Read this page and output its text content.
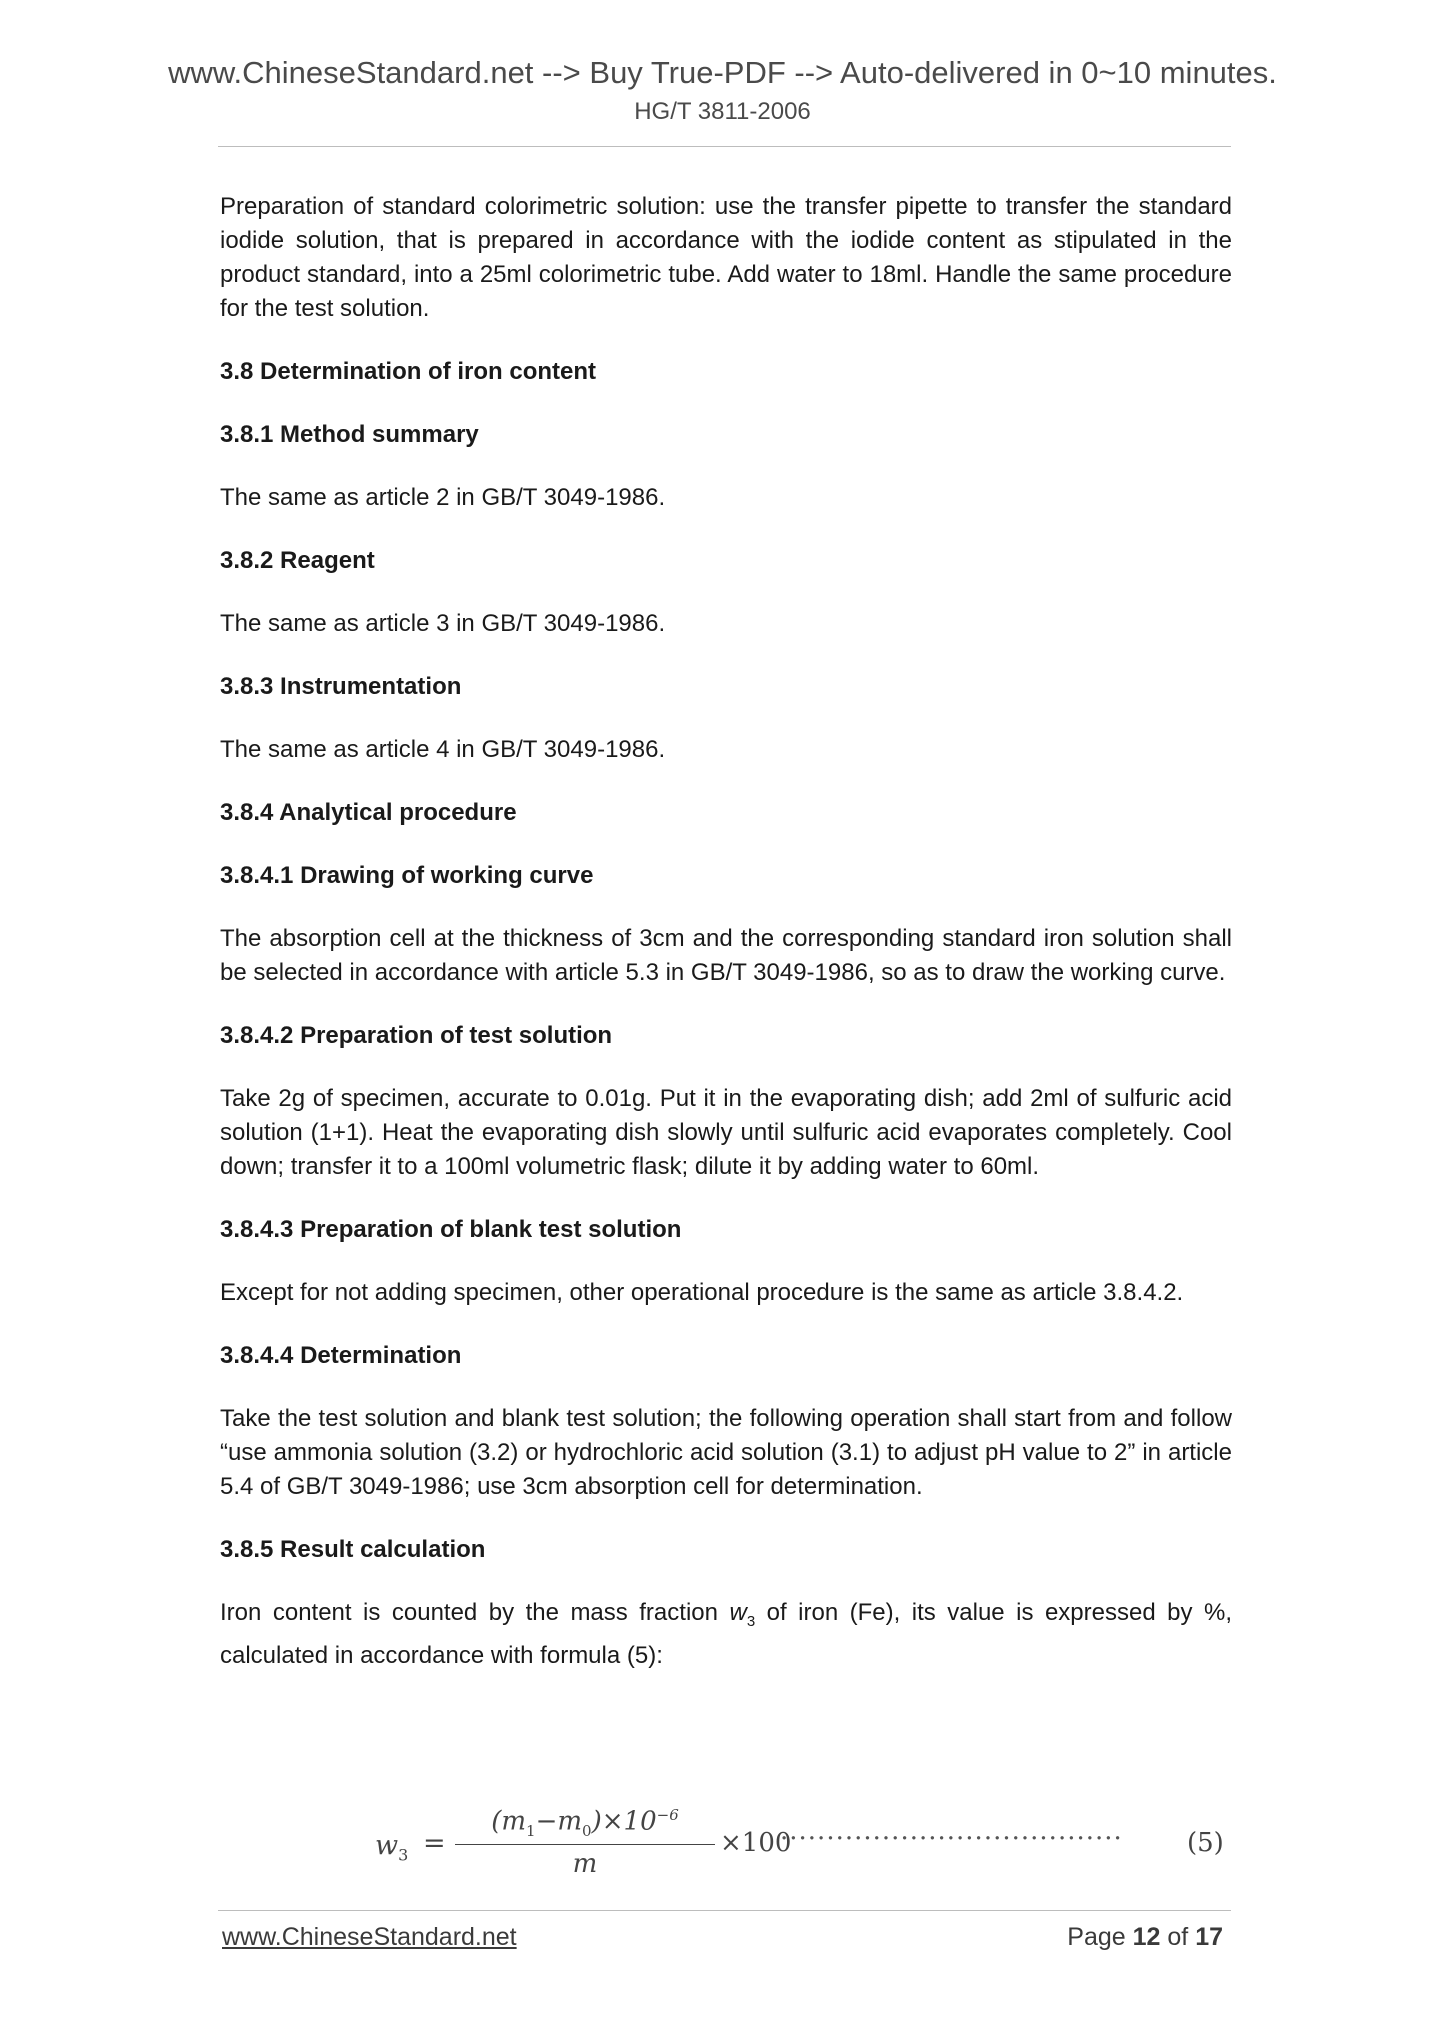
www.ChineseStandard.net --> Buy True-PDF --> Auto-delivered in 0~10 minutes.
HG/T 3811-2006

Preparation of standard colorimetric solution: use the transfer pipette to transfer the standard iodide solution, that is prepared in accordance with the iodide content as stipulated in the product standard, into a 25ml colorimetric tube. Add water to 18ml. Handle the same procedure for the test solution.

3.8 Determination of iron content
3.8.1 Method summary

The same as article 2 in GB/T 3049-1986.

3.8.2 Reagent

The same as article 3 in GB/T 3049-1986.

3.8.3 Instrumentation

The same as article 4 in GB/T 3049-1986.

3.8.4 Analytical procedure
3.8.4.1 Drawing of working curve

The absorption cell at the thickness of 3cm and the corresponding standard iron solution shall be selected in accordance with article 5.3 in GB/T 3049-1986, so as to draw the working curve.

3.8.4.2 Preparation of test solution

Take 2g of specimen, accurate to 0.01g. Put it in the evaporating dish; add 2ml of sulfuric acid solution (1+1). Heat the evaporating dish slowly until sulfuric acid evaporates completely. Cool down; transfer it to a 100ml volumetric flask; dilute it by adding water to 60ml.

3.8.4.3 Preparation of blank test solution

Except for not adding specimen, other operational procedure is the same as article 3.8.4.2.

3.8.4.4 Determination

Take the test solution and blank test solution; the following operation shall start from and follow “use ammonia solution (3.2) or hydrochloric acid solution (3.1) to adjust pH value to 2” in article 5.4 of GB/T 3049-1986; use 3cm absorption cell for determination.

3.8.5 Result calculation

Iron content is counted by the mass fraction $w_3$ of iron (Fe), its value is expressed by %, calculated in accordance with formula (5):

$w_3$ =
$(m_1-m_0)\times 10^{-6}$
m
×100
····································· (5)
www.ChineseStandard.net	Page 12 of 17
